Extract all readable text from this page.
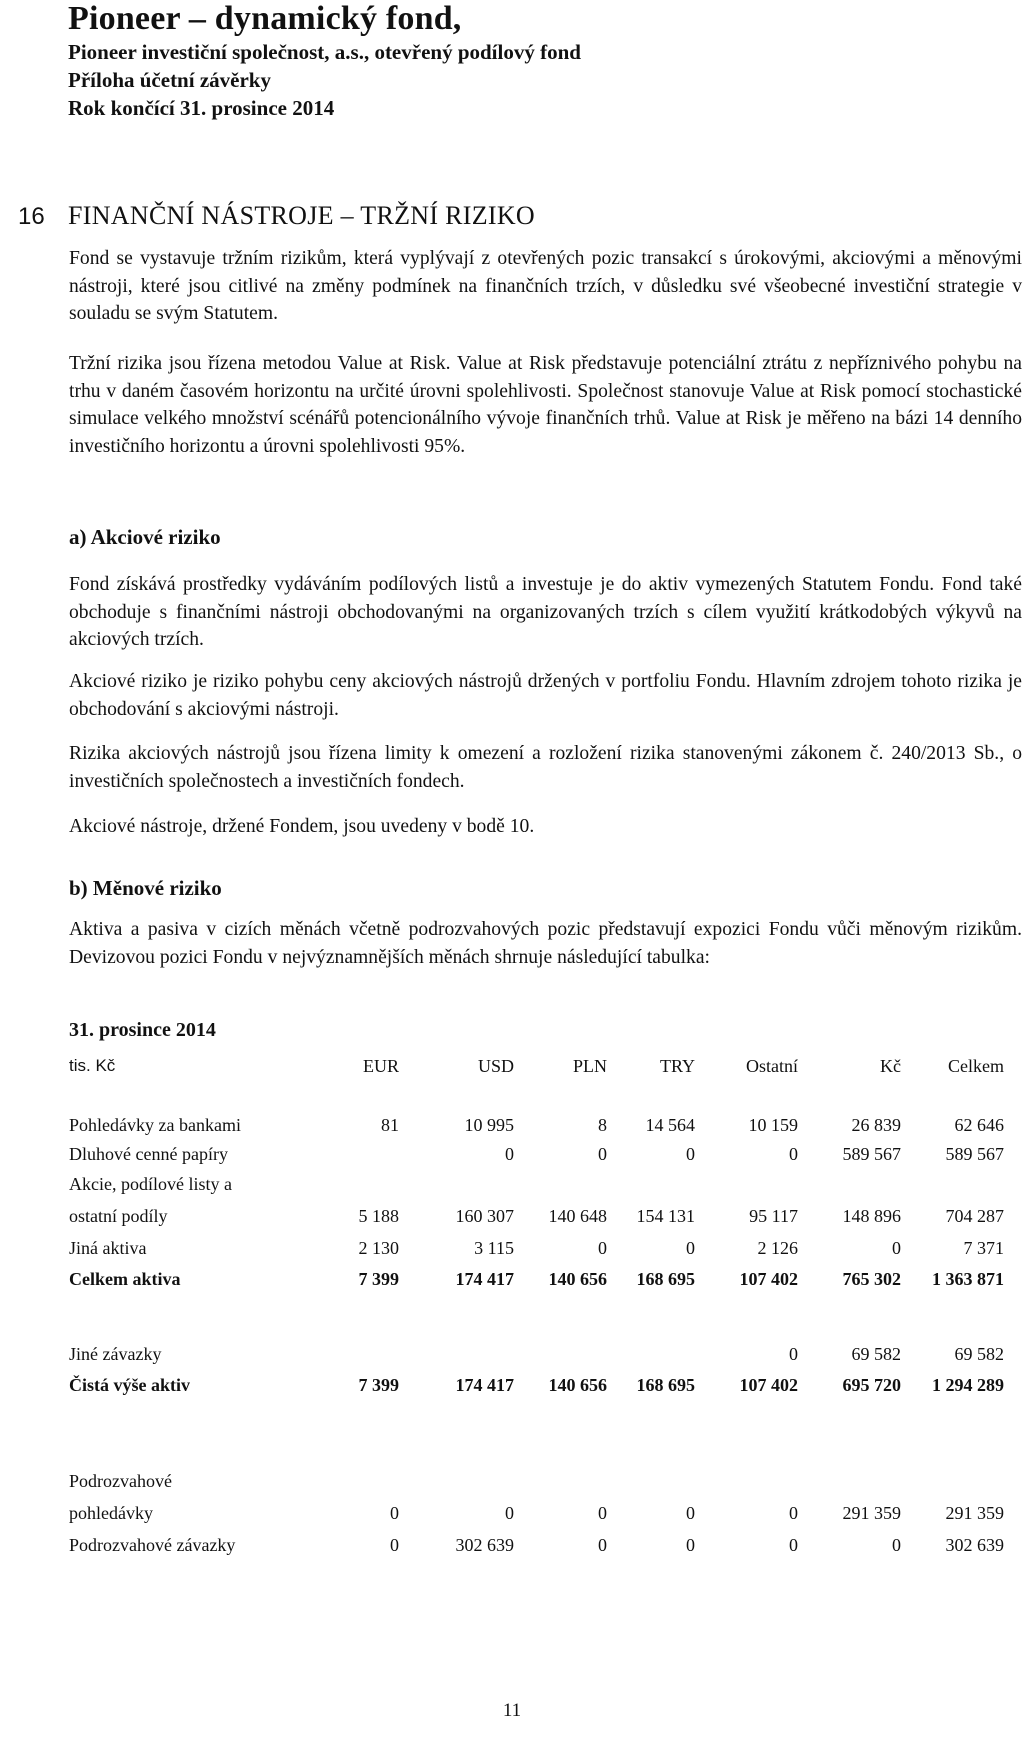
Pioneer – dynamický fond,
Pioneer investiční společnost, a.s., otevřený podílový fond
Příloha účetní závěrky
Rok končící 31. prosince 2014
16 FINANČNÍ NÁSTROJE – TRŽNÍ RIZIKO

Fond se vystavuje tržním rizikům, která vyplývají z otevřených pozic transakcí s úrokovými, akciovými a měnovými nástroji, které jsou citlivé na změny podmínek na finančních trzích, v důsledku své všeobecné investiční strategie v souladu se svým Statutem.

Tržní rizika jsou řízena metodou Value at Risk. Value at Risk představuje potenciální ztrátu z nepříznivého pohybu na trhu v daném časovém horizontu na určité úrovni spolehlivosti. Společnost stanovuje Value at Risk pomocí stochastické simulace velkého množství scénářů potencionálního vývoje finančních trhů. Value at Risk je měřeno na bázi 14 denního investičního horizontu a úrovni spolehlivosti 95%.

a) Akciové riziko

Fond získává prostředky vydáváním podílových listů a investuje je do aktiv vymezených Statutem Fondu. Fond také obchoduje s finančními nástroji obchodovanými na organizovaných trzích s cílem využití krátkodobých výkyvů na akciových trzích.

Akciové riziko je riziko pohybu ceny akciových nástrojů držených v portfoliu Fondu. Hlavním zdrojem tohoto rizika je obchodování s akciovými nástroji.

Rizika akciových nástrojů jsou řízena limity k omezení a rozložení rizika stanovenými zákonem č. 240/2013 Sb., o investičních společnostech a investičních fondech.

Akciové nástroje, držené Fondem, jsou uvedeny v bodě 10.

b) Měnové riziko

Aktiva a pasiva v cizích měnách včetně podrozvahových pozic představují expozici Fondu vůči měnovým rizikům. Devizovou pozici Fondu v nejvýznamnějších měnách shrnuje následující tabulka:

31. prosince 2014
tis. Kč	EUR	USD	PLN	TRY	Ostatní	Kč	Celkem

Pohledávky za bankami	81	10 995	8	14 564	10 159	26 839	62 646
Dluhové cenné papíry		0	0	0	0	589 567	589 567
Akcie, podílové listy a							
ostatní podíly	5 188	160 307	140 648	154 131	95 117	148 896	704 287
Jiná aktiva	2 130	3 115	0	0	2 126	0	7 371
Celkem aktiva	7 399	174 417	140 656	168 695	107 402	765 302	1 363 871

Jiné závazky					0	69 582	69 582
Čistá výše aktiv	7 399	174 417	140 656	168 695	107 402	695 720	1 294 289

Podrozvahové							
pohledávky	0	0	0	0	0	291 359	291 359
Podrozvahové závazky	0	302 639	0	0	0	0	302 639
11
